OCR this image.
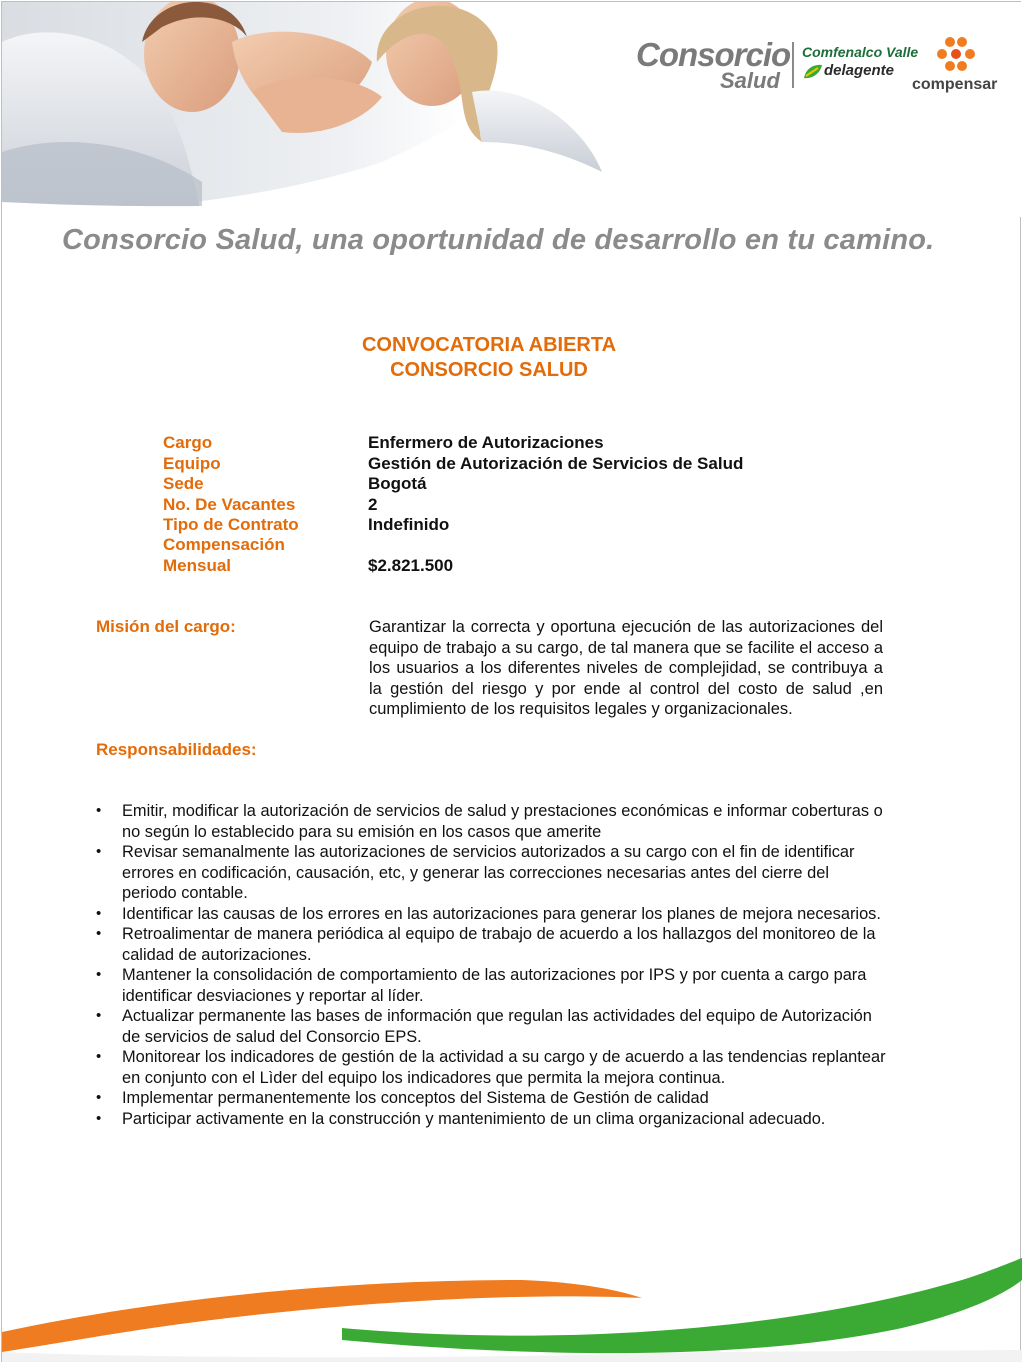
Consorcio
Salud
Comfenalco Valle
delagente
compensar
Consorcio Salud, una oportunidad de desarrollo en tu camino.
CONVOCATORIA ABIERTA
CONSORCIO SALUD
Cargo	Enfermero de Autorizaciones
Equipo	Gestión de Autorización de Servicios de Salud
Sede	Bogotá
No. De Vacantes	2
Tipo de Contrato	Indefinido
Compensación
Mensual	$2.821.500
Misión del cargo:	Garantizar la correcta y oportuna ejecución de las autorizaciones del equipo de trabajo a su cargo, de tal manera que se facilite el acceso a los usuarios a los diferentes niveles de complejidad, se contribuya a la gestión del riesgo y por ende al control del costo de salud ,en cumplimiento de los requisitos legales y organizacionales.
Responsabilidades:
• Emitir, modificar la autorización de servicios de salud y prestaciones económicas e informar coberturas o no según lo establecido para su emisión en los casos que amerite
• Revisar semanalmente las autorizaciones de servicios autorizados a su cargo con el fin de identificar errores en codificación, causación, etc, y generar las correcciones necesarias antes del cierre del periodo contable.
• Identificar las causas de los errores en las autorizaciones para generar los planes de mejora necesarios.
• Retroalimentar de manera periódica al equipo de trabajo de acuerdo a los hallazgos del monitoreo de la calidad de autorizaciones.
• Mantener la consolidación de comportamiento de las autorizaciones por IPS y por cuenta a cargo para identificar desviaciones y reportar al líder.
• Actualizar permanente las bases de información que regulan las actividades del equipo de Autorización de servicios de salud del Consorcio EPS.
• Monitorear los indicadores de gestión de la actividad a su cargo y de acuerdo a las tendencias replantear en conjunto con el Lìder del equipo los indicadores que permita la mejora continua.
• Implementar permanentemente los conceptos del Sistema de Gestión de calidad
• Participar activamente en la construcción y mantenimiento de un clima organizacional adecuado.
